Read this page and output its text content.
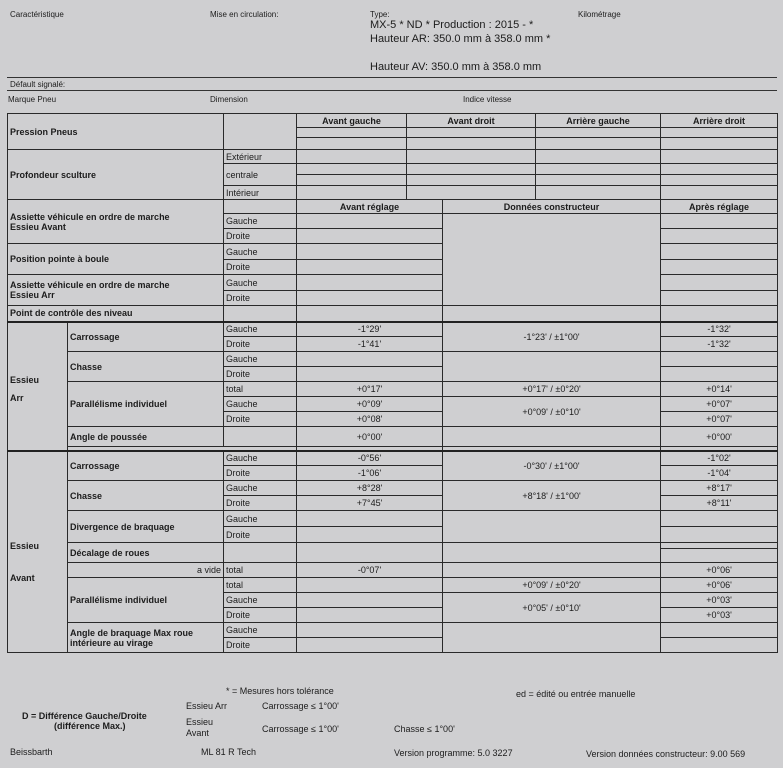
Caractéristique	Mise en circulation:	Type:	Kilométrage
MX-5 * ND * Production : 2015 - *
Hauteur AR: 350.0 mm à 358.0 mm *
Hauteur AV: 350.0 mm à 358.0 mm
Défault signalé:
Marque Pneu	Dimension	Indice vitesse
Pression Pneus			Avant gauche	Avant droit		Arrière gauche	Arrière droit

Profondeur sculture		Extérieur					
		centrale					

		Intérieur					
Assiette véhicule en ordre de marche
Essieu Avant			Avant réglage		Données constructeur		Après réglage
		Gauche					
		Droite					
Position pointe à boule		Gauche					
		Droite					
Assiette véhicule en ordre de marche
Essieu Arr		Gauche					
		Droite					
Point de contrôle des niveau							
Essieu
Arr	Carrossage	Gauche	-1°29'		-1°23' / ±1°00'		-1°32'
		Droite	-1°41'				-1°32'
	Chasse	Gauche					
		Droite					
	Parallélisme individuel	total	+0°17'		+0°17' / ±0°20'		+0°14'
		Gauche	+0°09'		+0°09' / ±0°10'		+0°07'
		Droite	+0°08'				+0°07'
	Angle de poussée		+0°00'				+0°00'

Essieu
Avant	Carrossage	Gauche	-0°56'		-0°30' / ±1°00'		-1°02'
		Droite	-1°06'				-1°04'
	Chasse	Gauche	+8°28'		+8°18' / ±1°00'		+8°17'
		Droite	+7°45'				+8°11'
	Divergence de braquage	Gauche					
		Droite					
	Décalage de roues						

	a vide	total	-0°07'				+0°06'
	Parallélisme individuel	total			+0°09' / ±0°20'		+0°06'
		Gauche			+0°05' / ±0°10'		+0°03'
		Droite					+0°03'
	Angle de braquage Max roue
intérieure au virage	Gauche					
		Droite					
* = Mesures hors tolérance	ed = édité ou entrée manuelle
D = Différence Gauche/Droite
(différence Max.)
Essieu Arr	Carrossage ≤ 1°00'
Essieu
Avant	Carrossage ≤ 1°00'	Chasse ≤ 1°00'
Beissbarth	ML 81 R Tech	Version programme: 5.0 3227	Version données constructeur: 9.00 569
